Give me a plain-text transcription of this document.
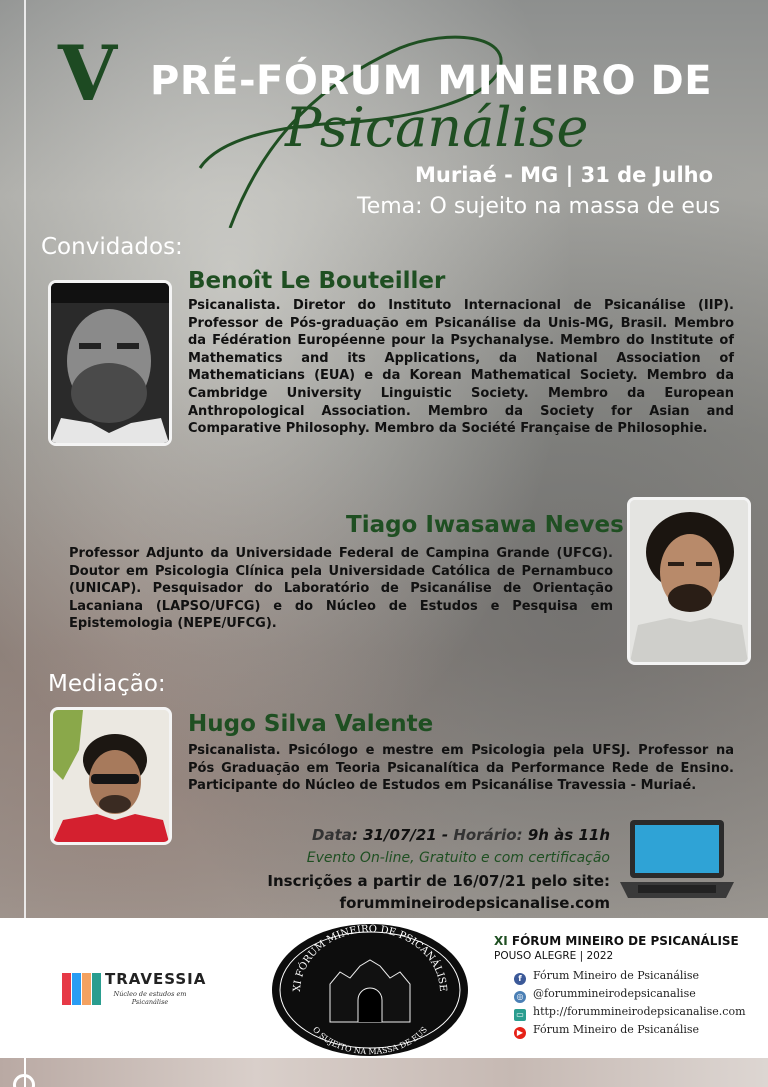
V PRÉ-FÓRUM MINEIRO DE
Psicanálise
Muriaé - MG | 31 de Julho
Tema: O sujeito na massa de eus
Convidados:
Benoît Le Bouteiller
Psicanalista. Diretor do Instituto Internacional de Psicanálise (IIP). Professor de Pós-graduação em Psicanálise da Unis-MG, Brasil. Membro da Fédération Européenne pour la Psychanalyse. Membro do Institute of Mathematics and its Applications, da National Association of Mathematicians (EUA) e da Korean Mathematical Society. Membro da Cambridge University Linguistic Society. Membro da European Anthropological Association. Membro da Society for Asian and Comparative Philosophy. Membro da Société Française de Philosophie.
Tiago Iwasawa Neves
Professor Adjunto da Universidade Federal de Campina Grande (UFCG). Doutor em Psicologia Clínica pela Universidade Católica de Pernambuco (UNICAP). Pesquisador do Laboratório de Psicanálise de Orientação Lacaniana (LAPSO/UFCG) e do Núcleo de Estudos e Pesquisa em Epistemologia (NEPE/UFCG).
Mediação:
Hugo Silva Valente
Psicanalista. Psicólogo e mestre em Psicologia pela UFSJ. Professor na Pós Graduação em Teoria Psicanalítica da Performance Rede de Ensino. Participante do Núcleo de Estudos em Psicanálise Travessia - Muriaé.
Data: 31/07/21 - Horário: 9h às 11h
Evento On-line, Gratuito e com certificação
Inscrições a partir de 16/07/21 pelo site:
forummineirodepsicanalise.com
TRAVESSIA
Núcleo de estudos em Psicanálise
XI FÓRUM MINEIRO DE PSICANÁLISE
O SUJEITO NA MASSA DE EUS
XI FÓRUM MINEIRO DE PSICANÁLISE
POUSO ALEGRE | 2022
f Fórum Mineiro de Psicanálise
◎ @forummineirodepsicanalise
▭ http://forummineirodepsicanalise.com
▶ Fórum Mineiro de Psicanálise
